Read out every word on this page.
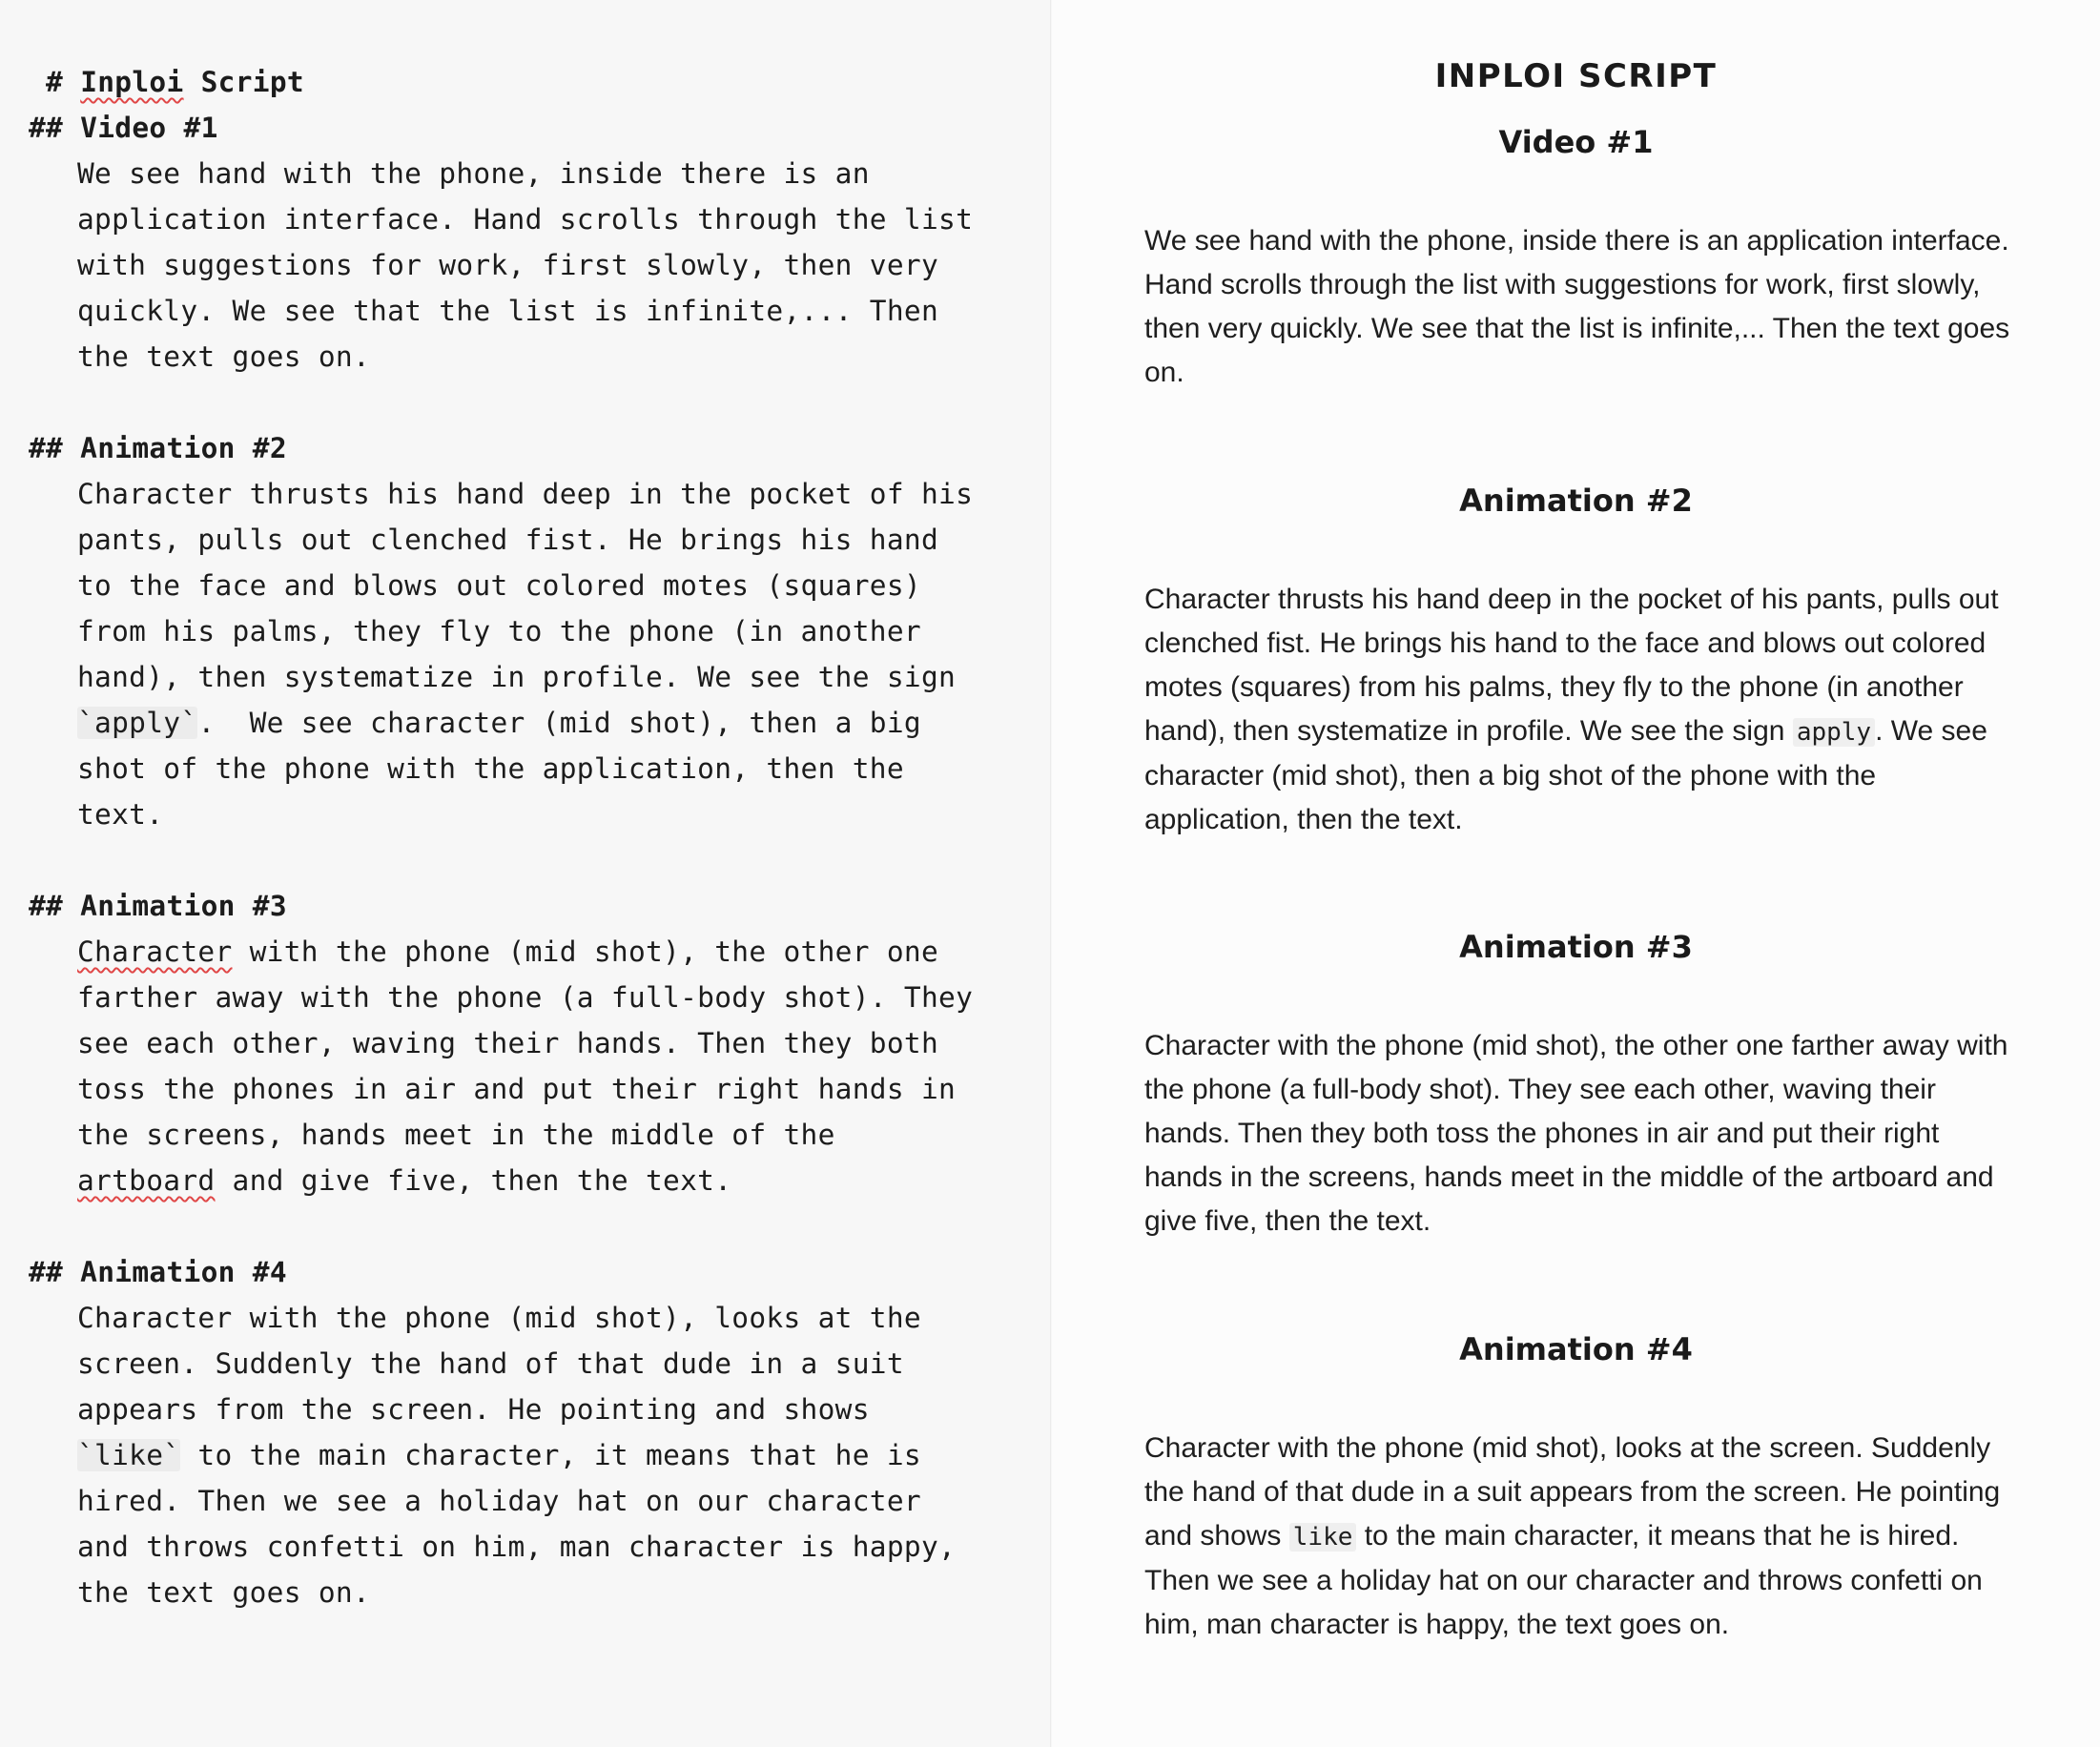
# Inploi Script
## Video #1
We see hand with the phone, inside there is an
application interface. Hand scrolls through the list
with suggestions for work, first slowly, then very
quickly. We see that the list is infinite,... Then
the text goes on.
## Animation #2
Character thrusts his hand deep in the pocket of his
pants, pulls out clenched fist. He brings his hand
to the face and blows out colored motes (squares)
from his palms, they fly to the phone (in another
hand), then systematize in profile. We see the sign
`apply`.  We see character (mid shot), then a big
shot of the phone with the application, then the
text.
## Animation #3
Character with the phone (mid shot), the other one
farther away with the phone (a full-body shot). They
see each other, waving their hands. Then they both
toss the phones in air and put their right hands in
the screens, hands meet in the middle of the
artboard and give five, then the text.
## Animation #4
Character with the phone (mid shot), looks at the
screen. Suddenly the hand of that dude in a suit
appears from the screen. He pointing and shows
`like` to the main character, it means that he is
hired. Then we see a holiday hat on our character
and throws confetti on him, man character is happy,
the text goes on.
INPLOI SCRIPT
Video #1

We see hand with the phone, inside there is an application interface. Hand scrolls through the list with suggestions for work, first slowly, then very quickly. We see that the list is infinite,... Then the text goes on.

Animation #2

Character thrusts his hand deep in the pocket of his pants, pulls out clenched fist. He brings his hand to the face and blows out colored motes (squares) from his palms, they fly to the phone (in another hand), then systematize in profile. We see the sign apply . We see character (mid shot), then a big shot of the phone with the application, then the text.

Animation #3

Character with the phone (mid shot), the other one farther away with the phone (a full-body shot). They see each other, waving their hands. Then they both toss the phones in air and put their right hands in the screens, hands meet in the middle of the artboard and give five, then the text.

Animation #4

Character with the phone (mid shot), looks at the screen. Suddenly the hand of that dude in a suit appears from the screen. He pointing and shows like to the main character, it means that he is hired. Then we see a holiday hat on our character and throws confetti on him, man character is happy, the text goes on.
